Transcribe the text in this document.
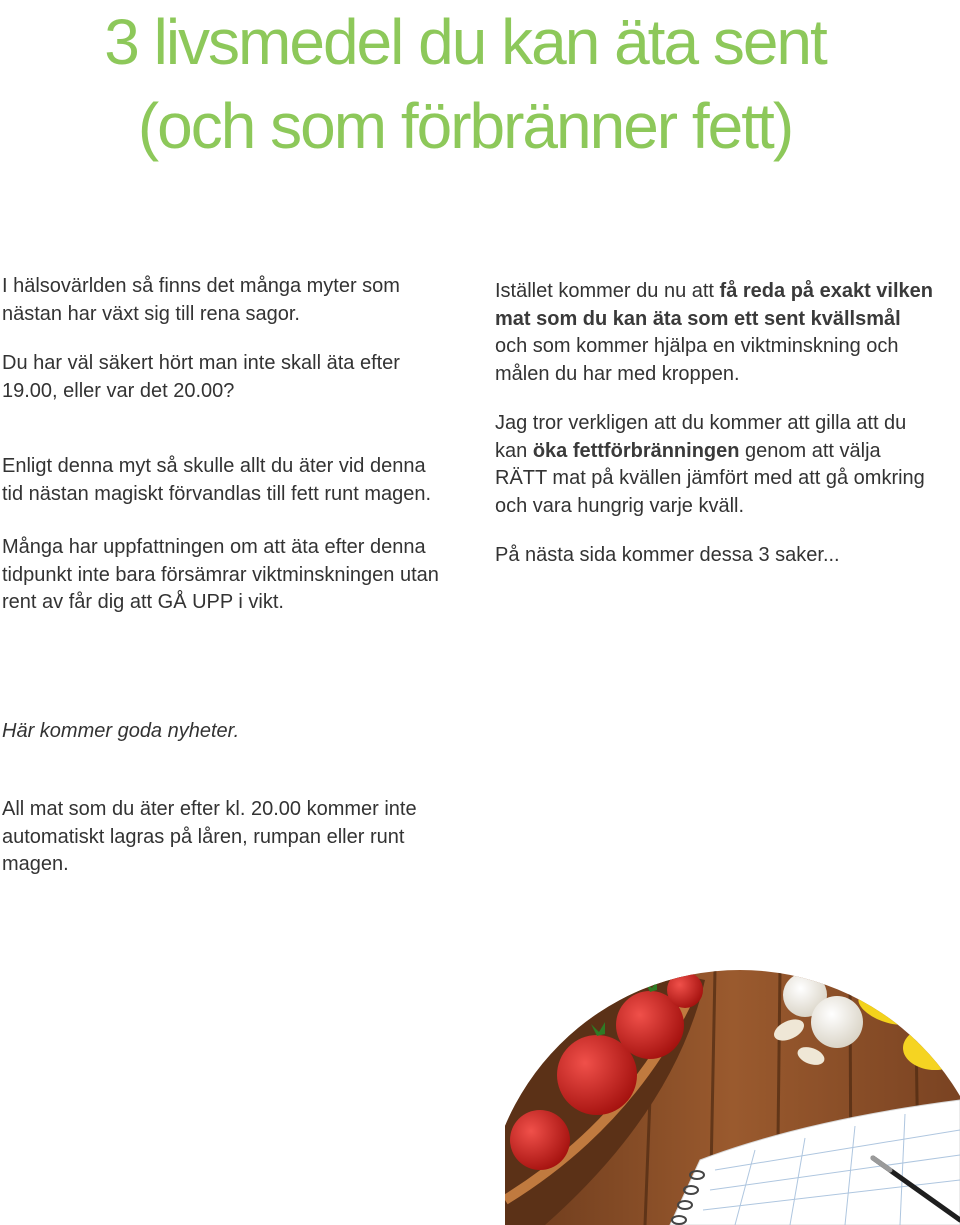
3 livsmedel du kan äta sent
(och som förbränner fett)

I hälsovärlden så finns det många myter som nästan har växt sig till rena sagor.

Du har väl säkert hört man inte skall äta efter 19.00, eller var det 20.00?

Enligt denna myt så skulle allt du äter vid denna tid nästan magiskt förvandlas till fett runt magen.

Många har uppfattningen om att äta efter denna tidpunkt inte bara försämrar viktminskningen utan rent av får dig att GÅ UPP i vikt.

Istället kommer du nu att få reda på exakt vilken mat som du kan äta som ett sent kvällsmål och som kommer hjälpa en viktminskning och målen du har med kroppen.

Jag tror verkligen att du kommer att gilla att du kan öka fettförbränningen genom att välja RÄTT mat på kvällen jämfört med att gå omkring och vara hungrig varje kväll.

På nästa sida kommer dessa 3 saker...

Här kommer goda nyheter.

All mat som du äter efter kl. 20.00 kommer inte automatiskt lagras på låren, rumpan eller runt magen.
